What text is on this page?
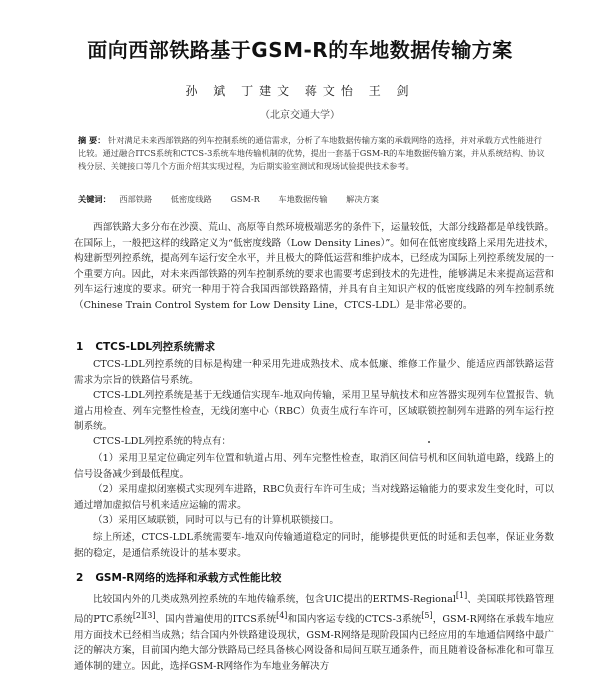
面向西部铁路基于GSM-R的车地数据传输方案
孙 斌 丁建文 蒋文怡 王 剑
（北京交通大学）

摘 要： 针对满足未来西部铁路的列车控制系统的通信需求，分析了车地数据传输方案的承载网络的选择，并对承载方式性能进行比较。通过融合ITCS系统和CTCS-3系统车地传输机制的优势，提出一套基于GSM-R的车地数据传输方案，并从系统结构、协议栈分层、关键接口等几个方面介绍其实现过程，为后期实验室测试和现场试验提供技术参考。

关键词： 西部铁路 低密度线路 GSM-R 车地数据传输 解决方案

西部铁路大多分布在沙漠、荒山、高原等自然环境极端恶劣的条件下，运量较低，大部分线路都是单线铁路。在国际上，一般把这样的线路定义为“低密度线路（Low Density Lines）”。如何在低密度线路上采用先进技术，构建新型列控系统，提高列车运行安全水平，并且极大的降低运营和维护成本，已经成为国际上列控系统发展的一个重要方向。因此，对未来西部铁路的列车控制系统的要求也需要考虑到技术的先进性，能够满足未来提高运营和列车运行速度的要求。研究一种用于符合我国西部铁路路情，并具有自主知识产权的低密度线路的列车控制系统（Chinese Train Control System for Low Density Line，CTCS-LDL）是非常必要的。

1 CTCS-LDL列控系统需求

CTCS-LDL列控系统的目标是构建一种采用先进成熟技术、成本低廉、维修工作量少、能适应西部铁路运营需求为宗旨的铁路信号系统。

CTCS-LDL列控系统是基于无线通信实现车-地双向传输，采用卫星导航技术和应答器实现列车位置报告、轨道占用检查、列车完整性检查，无线闭塞中心（RBC）负责生成行车许可，区域联锁控制列车进路的列车运行控制系统。

CTCS-LDL列控系统的特点有：

（1）采用卫星定位确定列车位置和轨道占用、列车完整性检查，取消区间信号机和区间轨道电路，线路上的信号设备减少到最低程度。

（2）采用虚拟闭塞模式实现列车进路，RBC负责行车许可生成；当对线路运输能力的要求发生变化时，可以通过增加虚拟信号机来适应运输的需求。

（3）采用区域联锁，同时可以与已有的计算机联锁接口。

综上所述，CTCS-LDL系统需要车-地双向传输通道稳定的同时，能够提供更低的时延和丢包率，保证业务数据的稳定，是通信系统设计的基本要求。

2 GSM-R网络的选择和承载方式性能比较

比较国内外的几类成熟列控系统的车地传输系统，包含UIC提出的ERTMS-Regional[1]、美国联邦铁路管理局的PTC系统[2][3]、国内普遍使用的ITCS系统[4]和国内客运专线的CTCS-3系统[5]，GSM-R网络在承载车地应用方面技术已经相当成熟；结合国内外铁路建设现状，GSM-R网络是现阶段国内已经应用的车地通信网络中最广泛的解决方案，目前国内绝大部分铁路局已经具备核心网设备和局间互联互通条件，而且随着设备标准化和可靠互通体制的建立。因此，选择GSM-R网络作为车地业务解决方
